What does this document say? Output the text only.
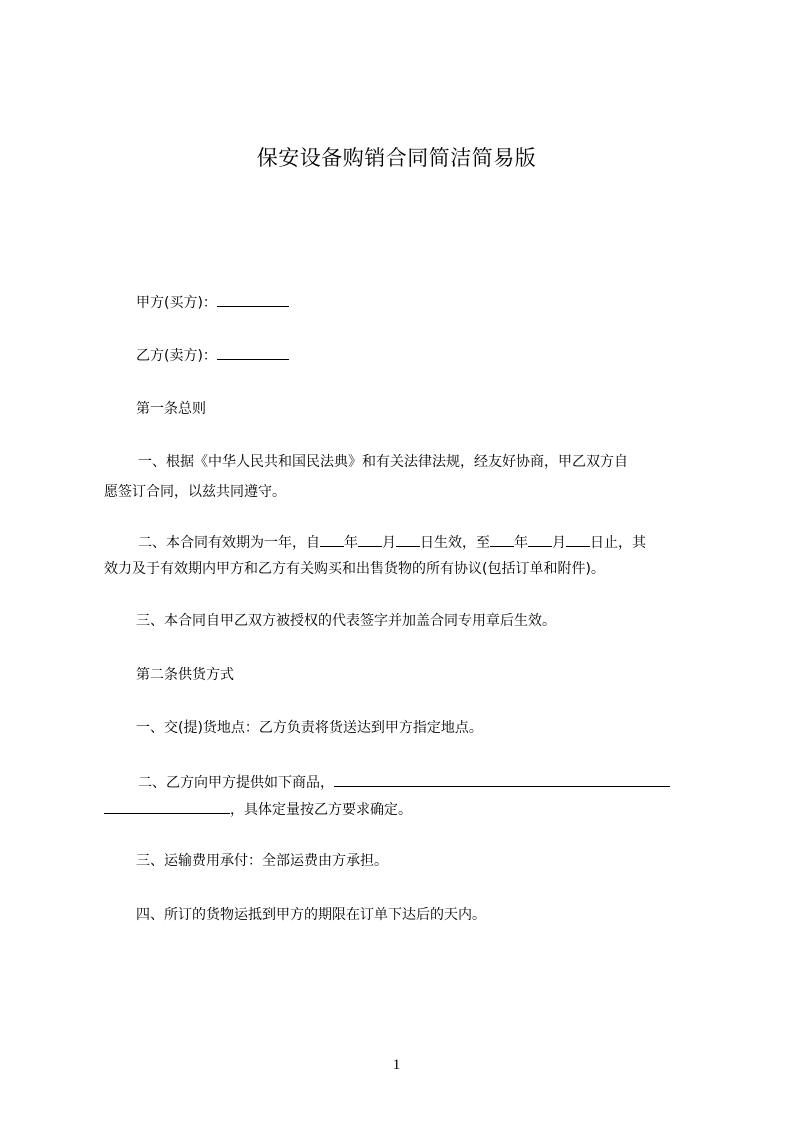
保安设备购销合同简洁简易版
甲方(买方)：
乙方(卖方)：
第一条总则
一、根据《中华人民共和国民法典》和有关法律法规，经友好协商，甲乙双方自
愿签订合同，以兹共同遵守。
二、本合同有效期为一年，自 年 月 日生效，至 年 月 日止，其
效力及于有效期内甲方和乙方有关购买和出售货物的所有协议(包括订单和附件)。
三、本合同自甲乙双方被授权的代表签字并加盖合同专用章后生效。
第二条供货方式
一、交(提)货地点：乙方负责将货送达到甲方指定地点。
二、乙方向甲方提供如下商品，
，具体定量按乙方要求确定。
三、运输费用承付：全部运费由方承担。
四、所订的货物运抵到甲方的期限在订单下达后的天内。
1
